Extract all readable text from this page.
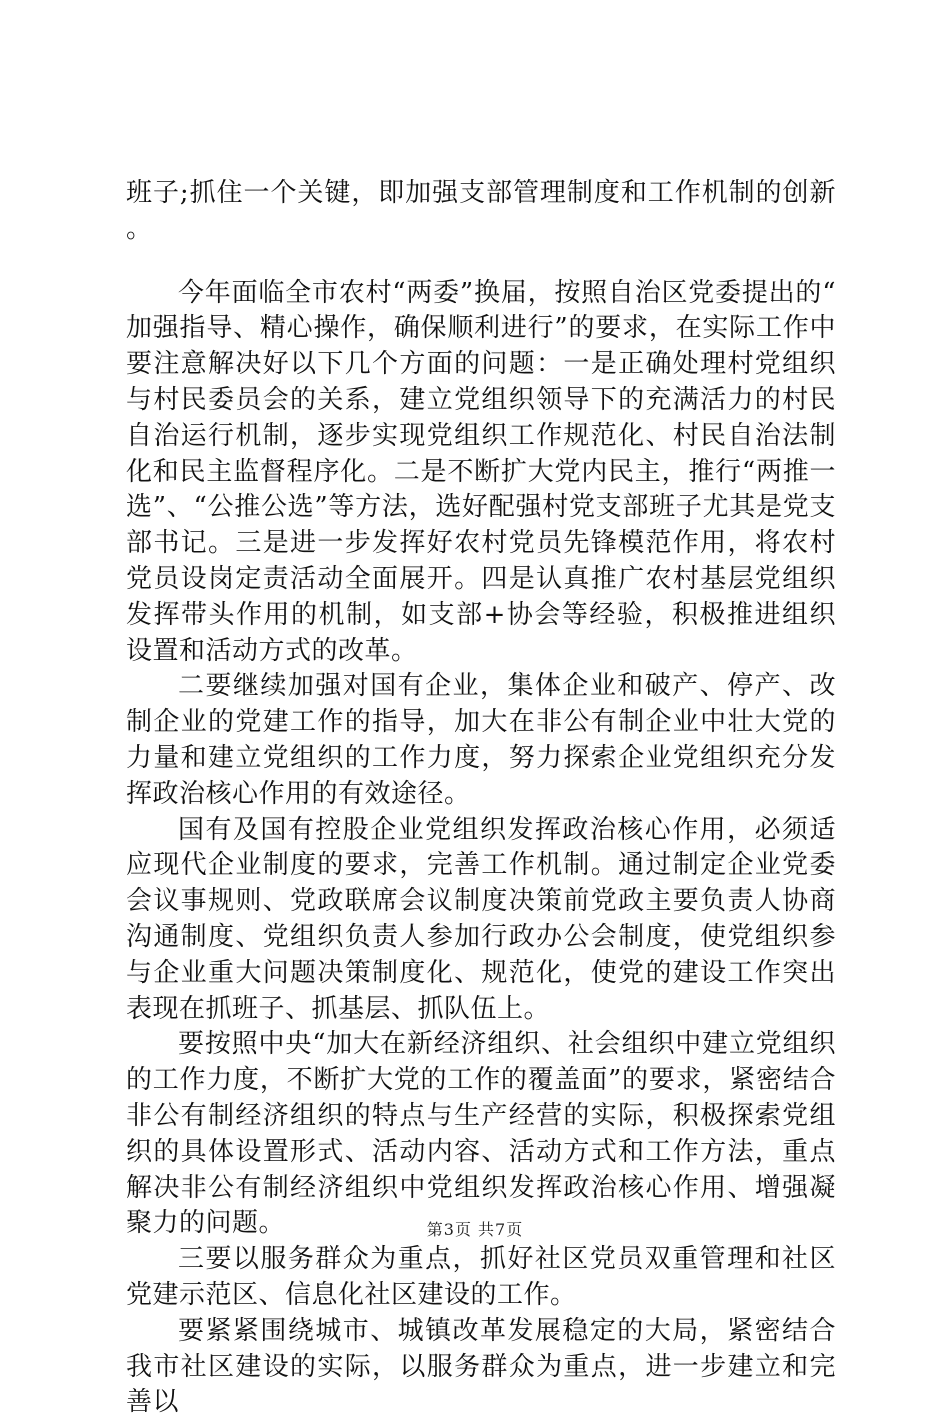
班子;抓住一个关键，即加强支部管理制度和工作机制的创新。

今年面临全市农村“两委”换届，按照自治区党委提出的“加强指导、精心操作，确保顺利进行”的要求，在实际工作中要注意解决好以下几个方面的问题：一是正确处理村党组织与村民委员会的关系，建立党组织领导下的充满活力的村民自治运行机制，逐步实现党组织工作规范化、村民自治法制化和民主监督程序化。二是不断扩大党内民主，推行“两推一选”、“公推公选”等方法，选好配强村党支部班子尤其是党支部书记。三是进一步发挥好农村党员先锋模范作用，将农村党员设岗定责活动全面展开。四是认真推广农村基层党组织发挥带头作用的机制，如支部+协会等经验，积极推进组织设置和活动方式的改革。

二要继续加强对国有企业，集体企业和破产、停产、改制企业的党建工作的指导，加大在非公有制企业中壮大党的力量和建立党组织的工作力度，努力探索企业党组织充分发挥政治核心作用的有效途径。

国有及国有控股企业党组织发挥政治核心作用，必须适应现代企业制度的要求，完善工作机制。通过制定企业党委会议事规则、党政联席会议制度决策前党政主要负责人协商沟通制度、党组织负责人参加行政办公会制度，使党组织参与企业重大问题决策制度化、规范化，使党的建设工作突出表现在抓班子、抓基层、抓队伍上。

要按照中央“加大在新经济组织、社会组织中建立党组织的工作力度，不断扩大党的工作的覆盖面”的要求，紧密结合非公有制经济组织的特点与生产经营的实际，积极探索党组织的具体设置形式、活动内容、活动方式和工作方法，重点解决非公有制经济组织中党组织发挥政治核心作用、增强凝聚力的问题。

三要以服务群众为重点，抓好社区党员双重管理和社区党建示范区、信息化社区建设的工作。

要紧紧围绕城市、城镇改革发展稳定的大局，紧密结合我市社区建设的实际，以服务群众为重点，进一步建立和完善以

第3页 共7页
